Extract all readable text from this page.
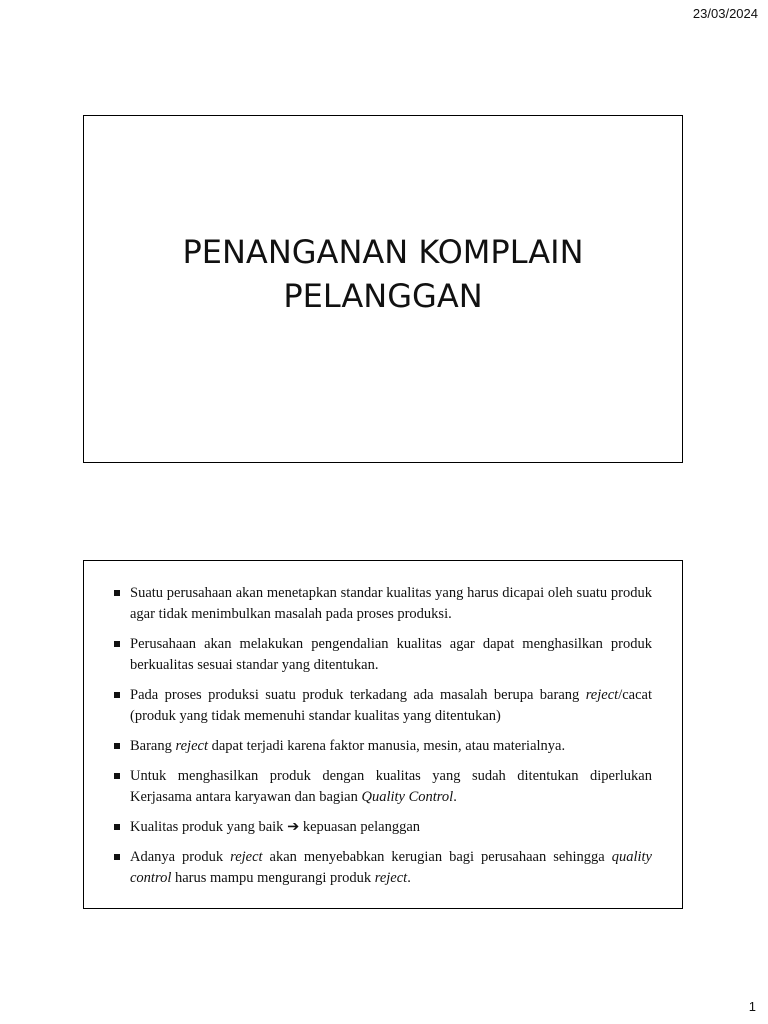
23/03/2024
PENANGANAN KOMPLAIN
PELANGGAN
Suatu perusahaan akan menetapkan standar kualitas yang harus dicapai oleh suatu produk agar tidak menimbulkan masalah pada proses produksi.
Perusahaan akan melakukan pengendalian kualitas agar dapat menghasilkan produk berkualitas sesuai standar yang ditentukan.
Pada proses produksi suatu produk terkadang ada masalah berupa barang reject/cacat (produk yang tidak memenuhi standar kualitas yang ditentukan)
Barang reject dapat terjadi karena faktor manusia, mesin, atau materialnya.
Untuk menghasilkan produk dengan kualitas yang sudah ditentukan diperlukan Kerjasama antara karyawan dan bagian Quality Control.
Kualitas produk yang baik ➔ kepuasan pelanggan
Adanya produk reject akan menyebabkan kerugian bagi perusahaan sehingga quality control harus mampu mengurangi produk reject.
1
